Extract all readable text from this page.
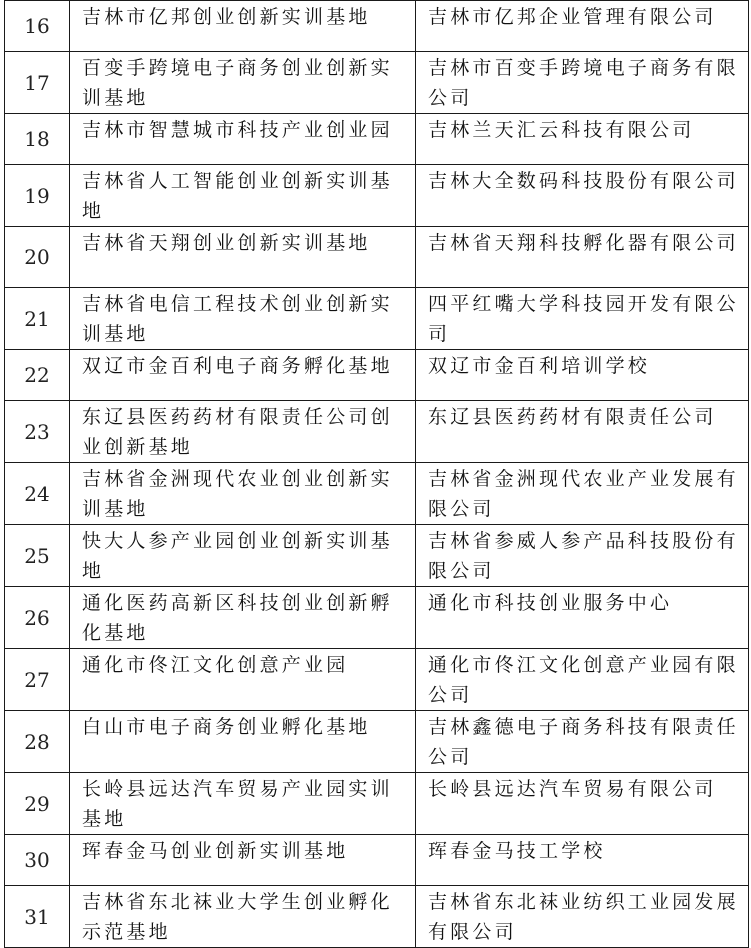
16	吉林市亿邦创业创新实训基地	吉林市亿邦企业管理有限公司
17	百变手跨境电子商务创业创新实训基地	吉林市百变手跨境电子商务有限公司
18	吉林市智慧城市科技产业创业园	吉林兰天汇云科技有限公司
19	吉林省人工智能创业创新实训基地	吉林大全数码科技股份有限公司
20	吉林省天翔创业创新实训基地	吉林省天翔科技孵化器有限公司
21	吉林省电信工程技术创业创新实训基地	四平红嘴大学科技园开发有限公司
22	双辽市金百利电子商务孵化基地	双辽市金百利培训学校
23	东辽县医药药材有限责任公司创业创新基地	东辽县医药药材有限责任公司
24	吉林省金洲现代农业创业创新实训基地	吉林省金洲现代农业产业发展有限公司
25	快大人参产业园创业创新实训基地	吉林省参威人参产品科技股份有限公司
26	通化医药高新区科技创业创新孵化基地	通化市科技创业服务中心
27	通化市佟江文化创意产业园	通化市佟江文化创意产业园有限公司
28	白山市电子商务创业孵化基地	吉林鑫德电子商务科技有限责任公司
29	长岭县远达汽车贸易产业园实训基地	长岭县远达汽车贸易有限公司
30	珲春金马创业创新实训基地	珲春金马技工学校
31	吉林省东北袜业大学生创业孵化示范基地	吉林省东北袜业纺织工业园发展有限公司
